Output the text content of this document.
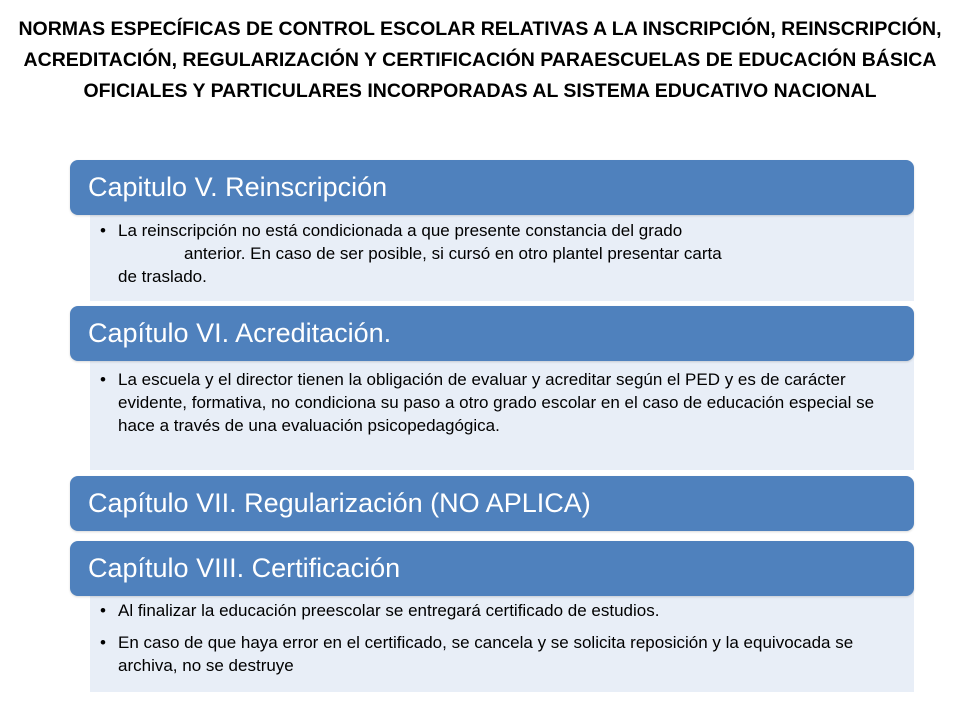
NORMAS ESPECÍFICAS DE CONTROL ESCOLAR RELATIVAS A LA INSCRIPCIÓN, REINSCRIPCIÓN, ACREDITACIÓN, REGULARIZACIÓN Y CERTIFICACIÓN PARAESCUELAS DE EDUCACIÓN BÁSICA OFICIALES Y PARTICULARES INCORPORADAS AL SISTEMA EDUCATIVO NACIONAL
• La reinscripción no está condicionada a que presente constancia del grado

anterior. En caso de ser posible, si cursó en otro plantel presentar carta
de traslado.
Capitulo V. Reinscripción
• La escuela y el director tienen la obligación de evaluar y acreditar según el PED y es de carácter evidente, formativa, no condiciona su paso a otro grado escolar en el caso de educación especial se hace a través de una evaluación psicopedagógica.
Capítulo VI. Acreditación.
Capítulo VII. Regularización (NO APLICA)
• Al finalizar la educación preescolar se entregará certificado de estudios.
• En caso de que haya error en el certificado, se cancela y se solicita reposición y la equivocada se archiva, no se destruye
Capítulo VIII. Certificación
